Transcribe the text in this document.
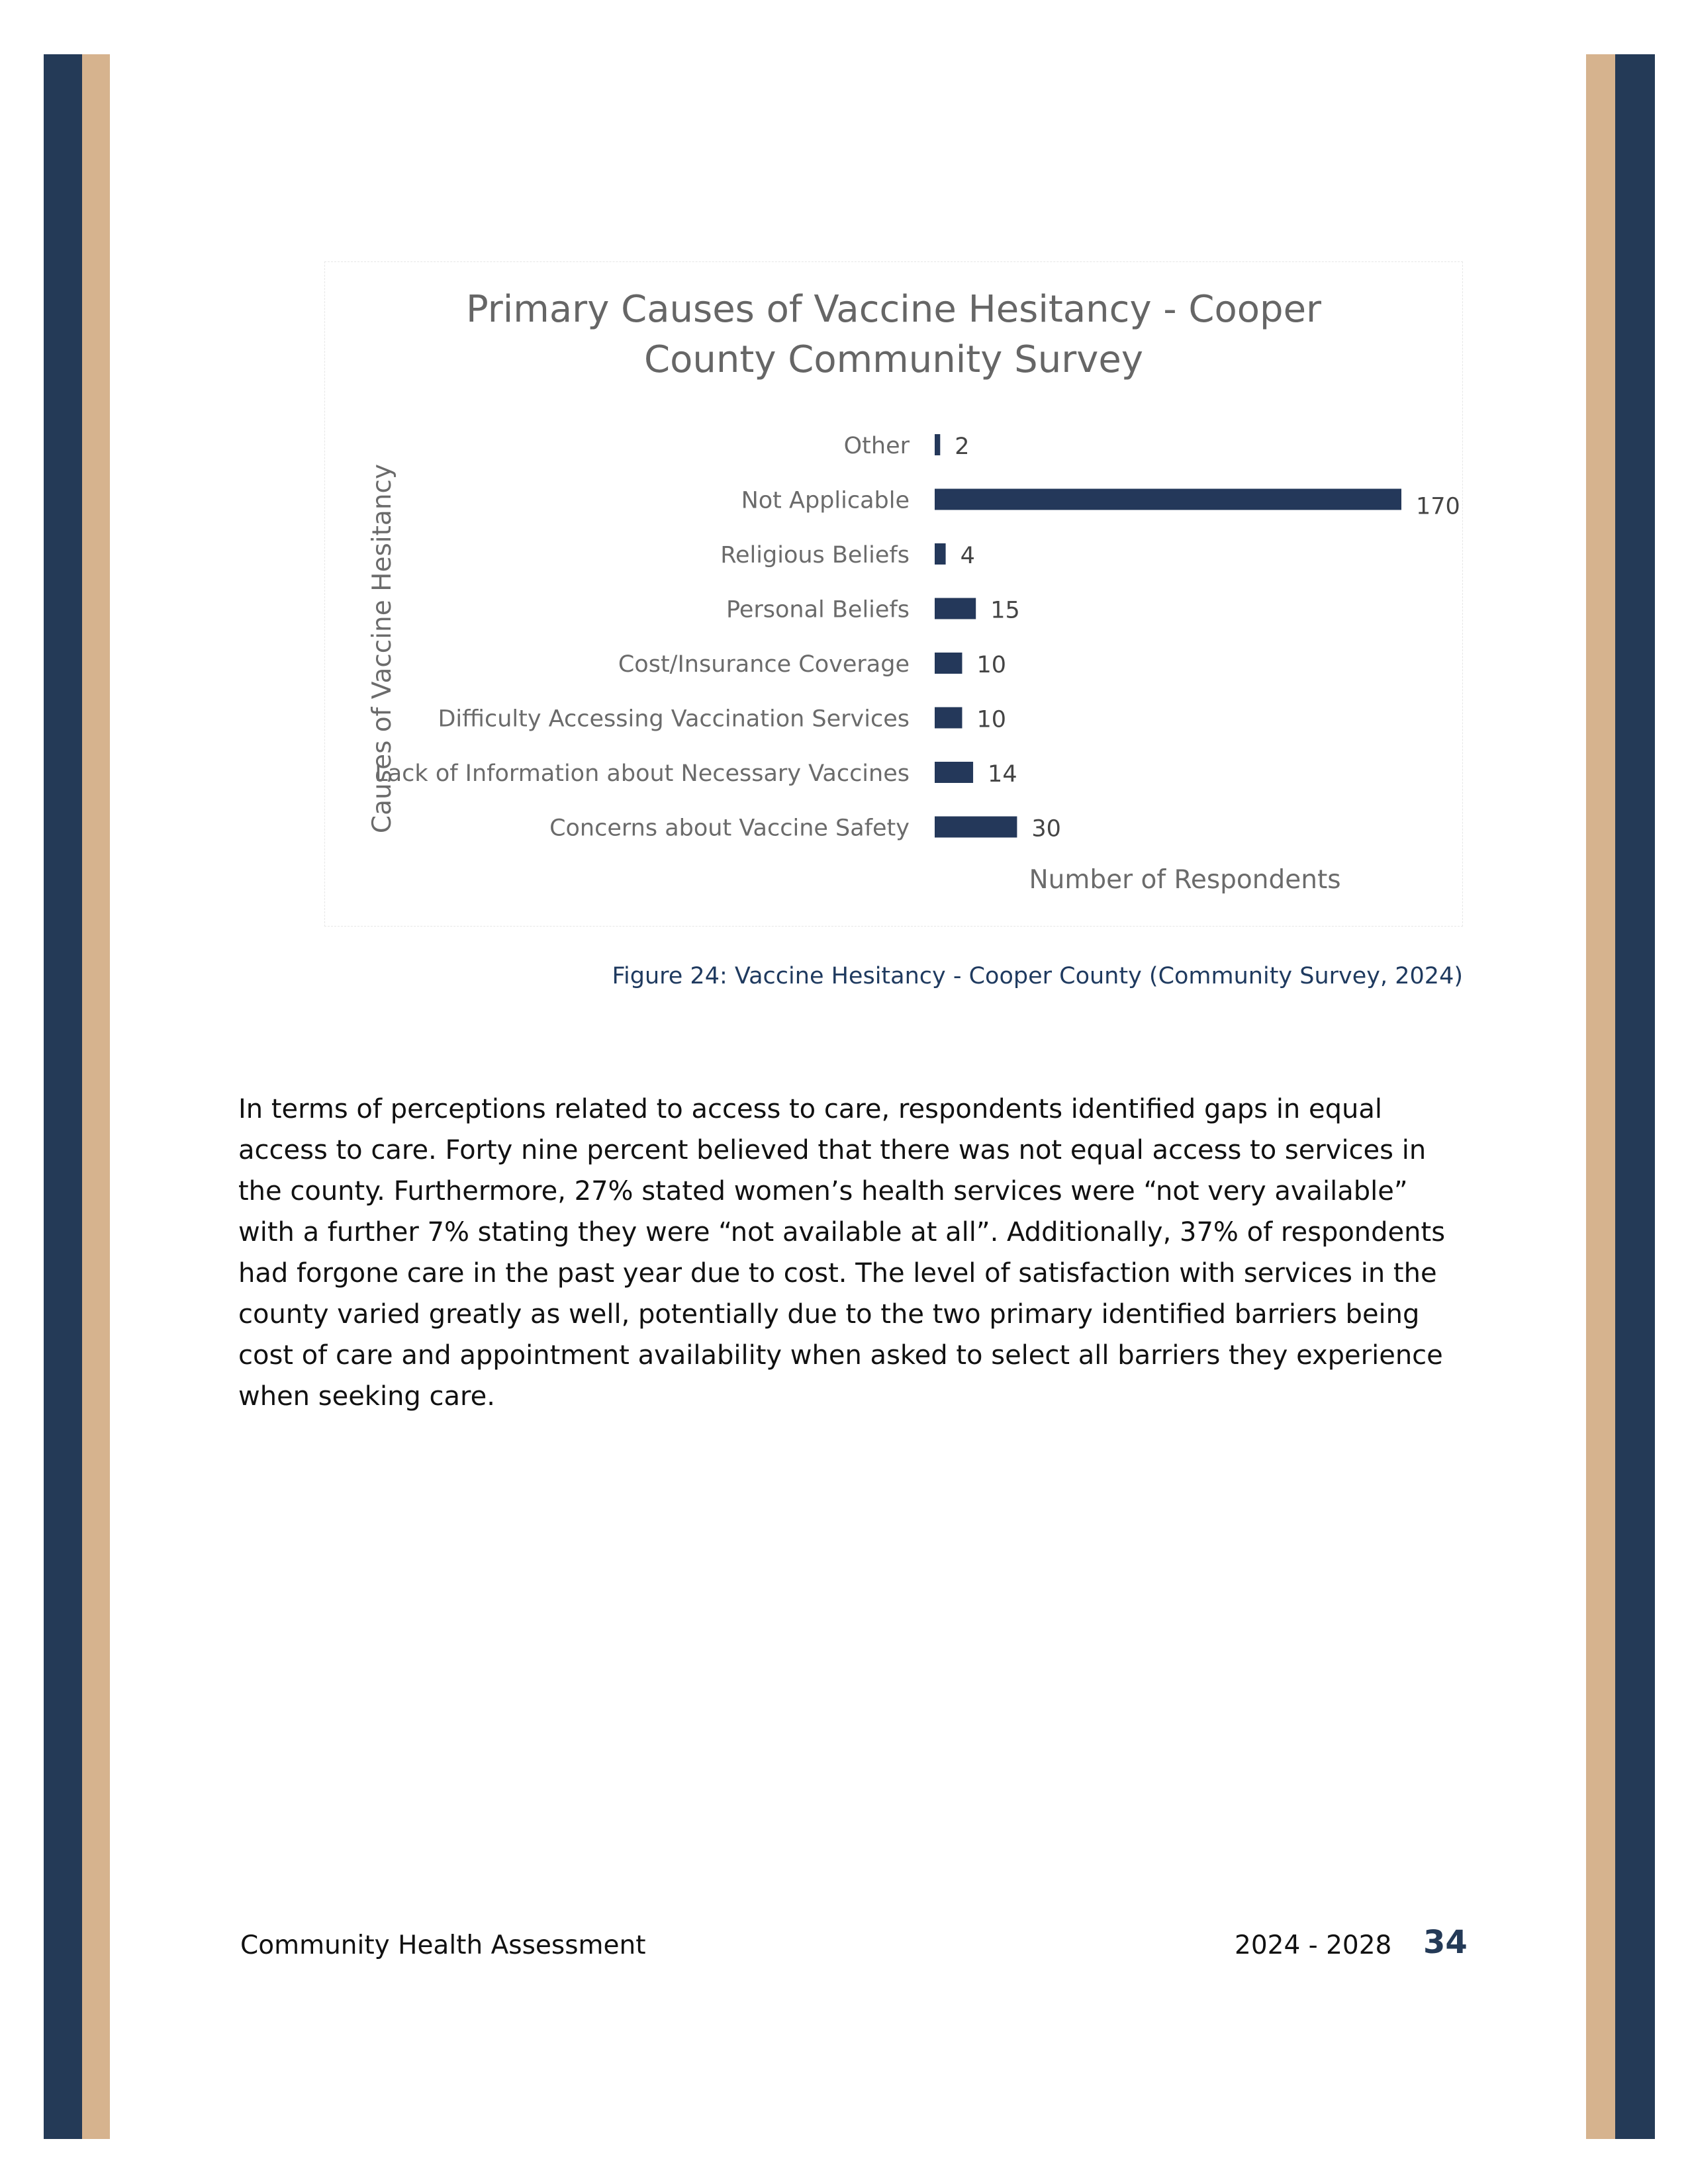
Primary Causes of Vaccine Hesitancy - Cooper
County Community Survey
Other 2
Not Applicable	170
Religious Beliefs 4
Personal Beliefs	15
Cost/Insurance Coverage	10
Difficulty Accessing Vaccination Services	10
Lack of Information about Necessary Vaccines	14
Concerns about Vaccine Safety	30
Number of Respondents
Causes of Vaccine Hesitancy
Figure 24: Vaccine Hesitancy - Cooper County (Community Survey, 2024)
In terms of perceptions related to access to care, respondents identified gaps in equal access to care. Forty nine percent believed that there was not equal access to services in the county. Furthermore, 27% stated women’s health services were “not very available” with a further 7% stating they were “not available at all”. Additionally, 37% of respondents had forgone care in the past year due to cost. The level of satisfaction with services in the county varied greatly as well, potentially due to the two primary identified barriers being cost of care and appointment availability when asked to select all barriers they experience when seeking care.
Community Health Assessment	2024 - 2028 34
